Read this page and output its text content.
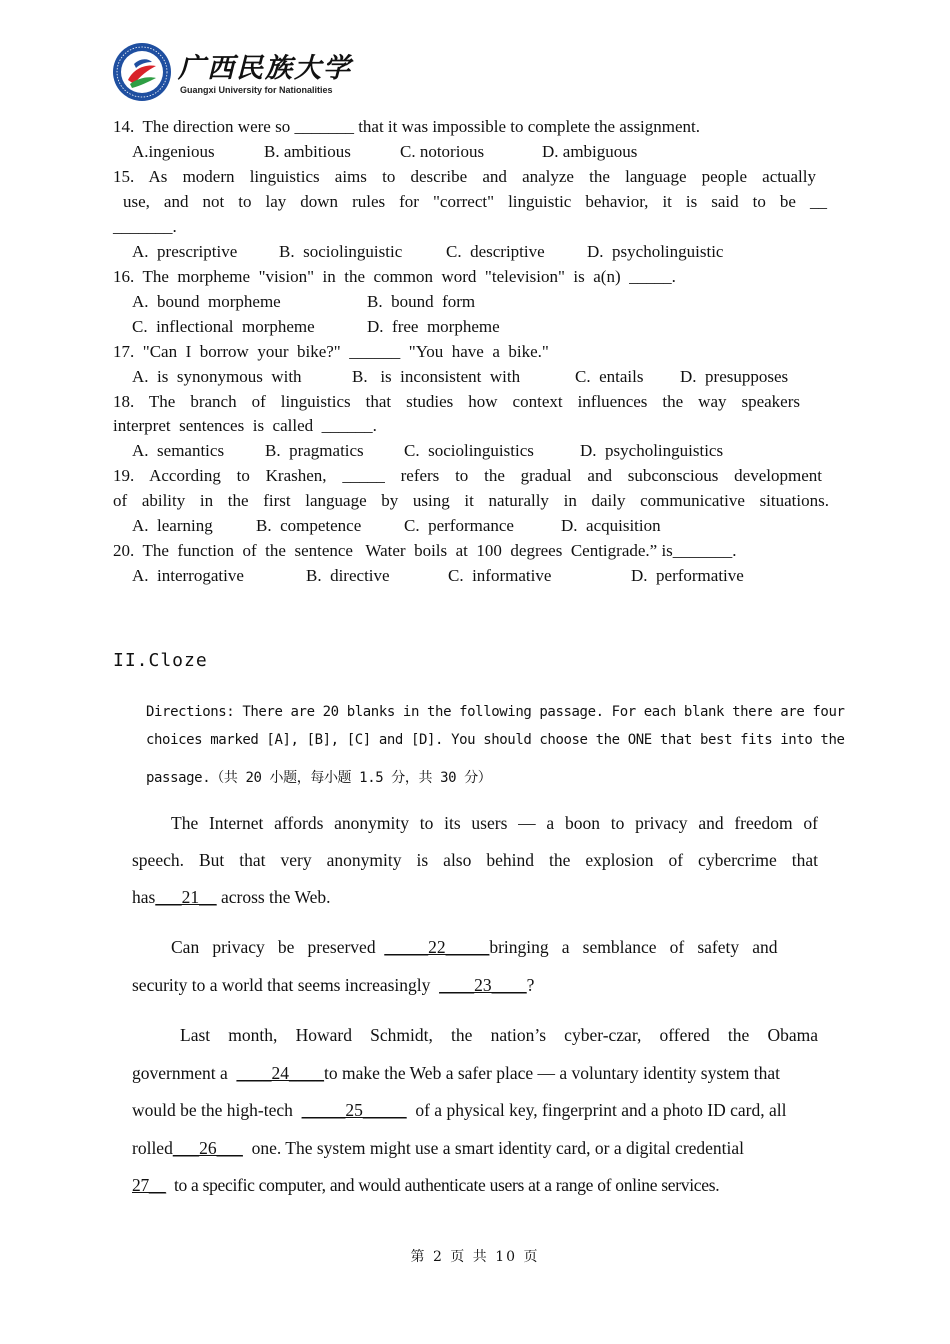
广西民族大学
Guangxi University for Nationalities
14.  The direction were so _______ that it was impossible to complete the assignment.
A.ingenious	B. ambitious	C. notorious	D. ambiguous
15. As modern linguistics aims to describe and analyze the language people actually
use, and not to lay down rules for "correct" linguistic behavior, it is said to be __
_______.
A.  prescriptive B.  sociolinguistic	C.  descriptive D.  psycholinguistic
16.  The  morpheme  "vision"  in  the  common  word  "television"  is  a(n)  _____.
A.  bound  morpheme	B.  bound  form
C.  inflectional  morpheme	D.  free  morpheme
17.  "Can  I  borrow  your  bike?"  ______  "You  have  a  bike."
A.  is  synonymous  with	B.   is  inconsistent  with	C.  entails D.  presupposes
18. The branch of linguistics that studies how context influences the way speakers
interpret  sentences  is  called  ______.
A.  semantics B.  pragmatics C.  sociolinguistics	D.  psycholinguistics
19. According to Krashen, _____ refers to the gradual and subconscious development
of ability in the first language by using it naturally in daily communicative situations.
A.  learning	B.  competence	C.  performance	D.  acquisition
20.  The  function  of  the  sentence   Water  boils  at  100  degrees  Centigrade.” is_______.
A.  interrogative	B.  directive	C.  informative	D.  performative
II.Cloze
Directions: There are 20 blanks in the following passage. For each blank there are four
choices marked [A], [B], [C] and [D]. You should choose the ONE that best fits into the
passage.（共 20 小题，每小题 1.5 分，共 30 分）
The Internet affords anonymity to its users — a boon to privacy and freedom of
speech. But that very anonymity is also behind the explosion of cybercrime that
has___21__ across the Web.
Can   privacy   be   preserved  _____22_____bringing   a   semblance   of   safety   and
security to a world that seems increasingly  ____23____?
Last month, Howard Schmidt, the nation’s cyber-czar, offered the Obama
government a  ____24____to make the Web a safer place — a voluntary identity system that
would be the high-tech  _____25_____  of a physical key, fingerprint and a photo ID card, all
rolled___26___  one. The system might use a smart identity card, or a digital credential
27__  to a specific computer, and would authenticate users at a range of online services.
第 2 页 共 10 页
